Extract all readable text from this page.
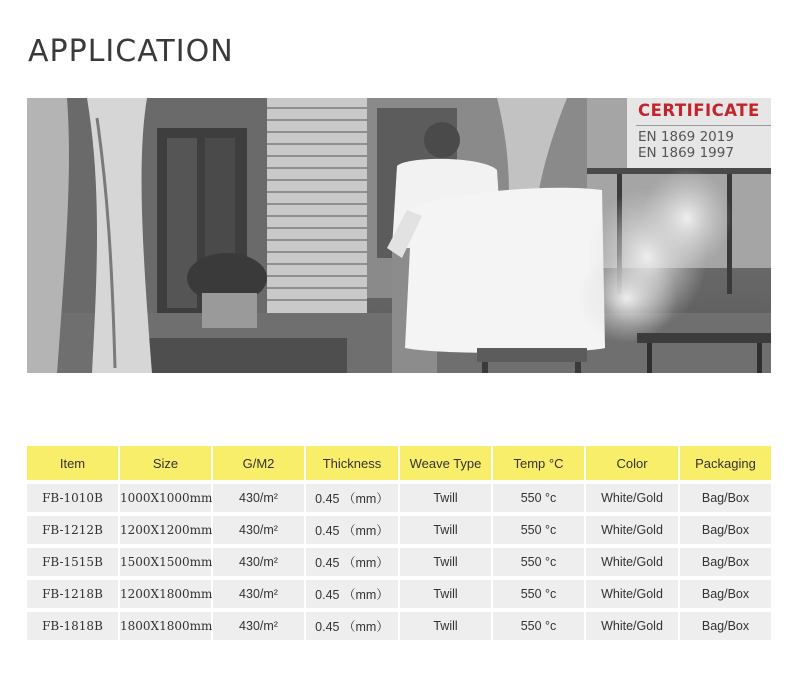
APPLICATION
CERTIFICATE
EN 1869 2019
EN 1869 1997
Item	Size	G/M2	Thickness	Weave Type	Temp °C	Color	Packaging
FB-1010B	1000X1000mm	430/m²	0.45 （mm）	Twill	550 °c	White/Gold	Bag/Box
FB-1212B	1200X1200mm	430/m²	0.45 （mm）	Twill	550 °c	White/Gold	Bag/Box
FB-1515B	1500X1500mm	430/m²	0.45 （mm）	Twill	550 °c	White/Gold	Bag/Box
FB-1218B	1200X1800mm	430/m²	0.45 （mm）	Twill	550 °c	White/Gold	Bag/Box
FB-1818B	1800X1800mm	430/m²	0.45 （mm）	Twill	550 °c	White/Gold	Bag/Box
